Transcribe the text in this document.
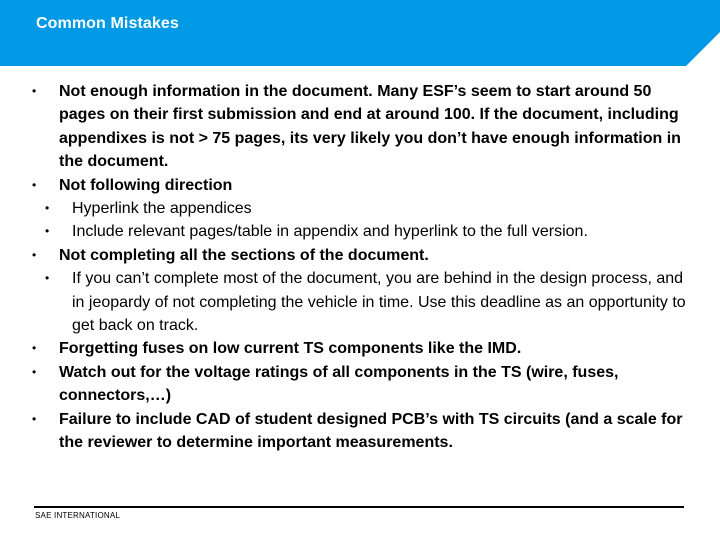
Common Mistakes
• Not enough information in the document. Many ESF’s seem to start around 50 pages on their first submission and end at around 100. If the document, including appendixes is not > 75 pages, its very likely you don’t have enough information in the document.
• Not following direction
• Hyperlink the appendices
• Include relevant pages/table in appendix and hyperlink to the full version.
• Not completing all the sections of the document.
• If you can’t complete most of the document, you are behind in the design process, and in jeopardy of not completing the vehicle in time. Use this deadline as an opportunity to get back on track.
• Forgetting fuses on low current TS components like the IMD.
• Watch out for the voltage ratings of all components in the TS (wire, fuses, connectors,…)
• Failure to include CAD of student designed PCB’s with TS circuits (and a scale for the reviewer to determine important measurements.
SAE INTERNATIONAL
